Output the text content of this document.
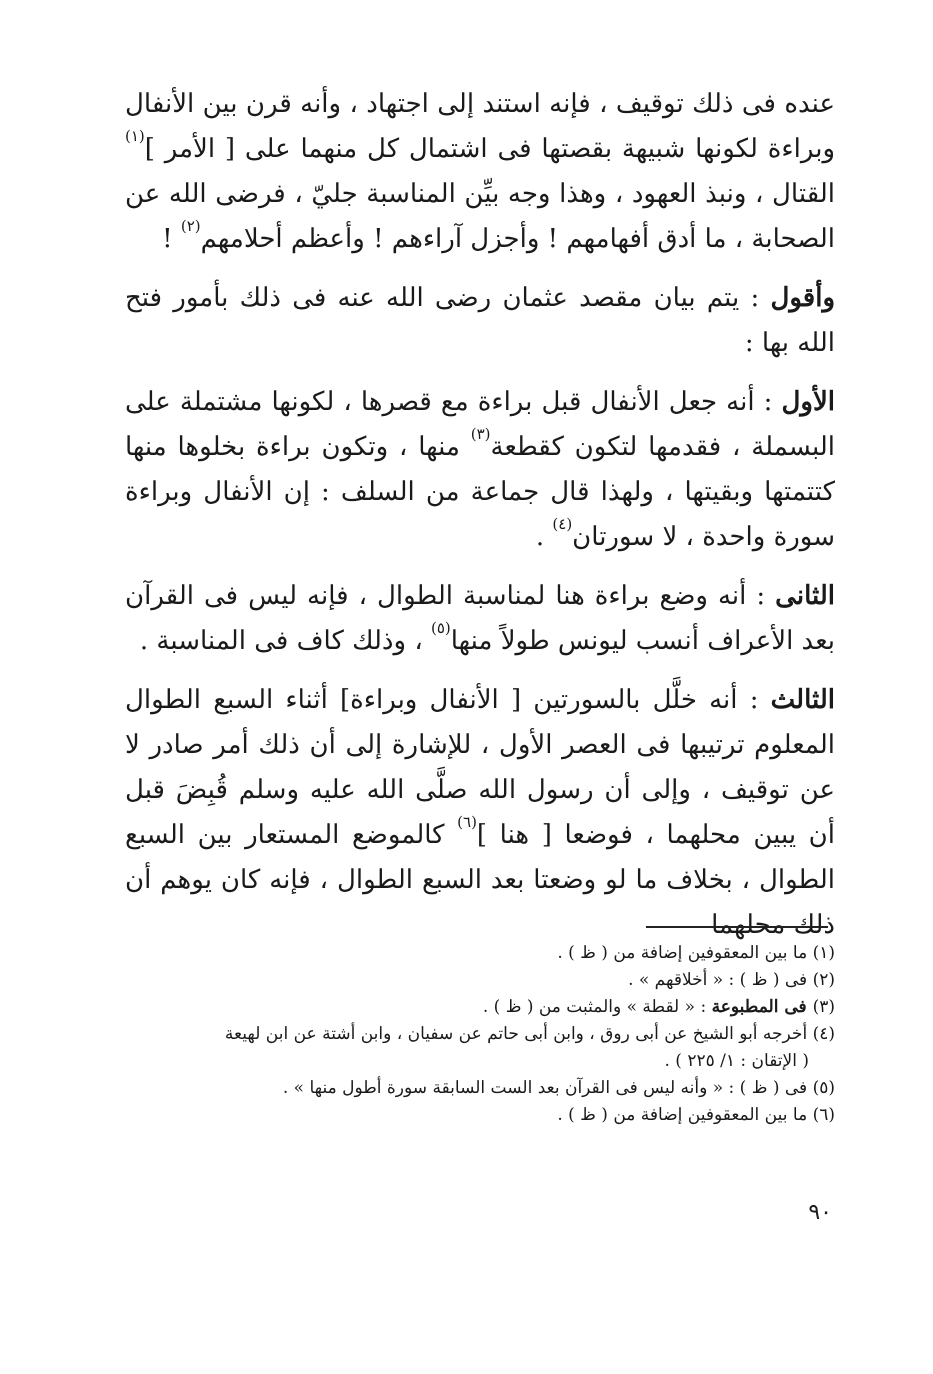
عنده فى ذلك توقيف ، فإنه استند إلى اجتهاد ، وأنه قرن بين الأنفال وبراءة لكونها شبيهة بقصتها فى اشتمال كل منهما على [ الأمر ]$^{(١)}$ القتال ، ونبذ العهود ، وهذا وجه بيِّن المناسبة جليّ ، فرضى الله عن الصحابة ، ما أدق أفهامهم ! وأجزل آراءهم ! وأعظم أحلامهم$^{(٢)}$ !

وأقول : يتم بيان مقصد عثمان رضى الله عنه فى ذلك بأمور فتح الله بها :

الأول : أنه جعل الأنفال قبل براءة مع قصرها ، لكونها مشتملة على البسملة ، فقدمها لتكون كقطعة$^{(٣)}$ منها ، وتكون براءة بخلوها منها كتتمتها وبقيتها ، ولهذا قال جماعة من السلف : إن الأنفال وبراءة سورة واحدة ، لا سورتان$^{(٤)}$ .

الثانى : أنه وضع براءة هنا لمناسبة الطوال ، فإنه ليس فى القرآن بعد الأعراف أنسب ليونس طولاً منها$^{(٥)}$ ، وذلك كاف فى المناسبة .

الثالث : أنه خلَّل بالسورتين [ الأنفال وبراءة] أثناء السبع الطوال المعلوم ترتيبها فى العصر الأول ، للإشارة إلى أن ذلك أمر صادر لا عن توقيف ، وإلى أن رسول الله صلَّى الله عليه وسلم قُبِضَ قبل أن يبين محلهما ، فوضعا [ هنا ]$^{(٦)}$ كالموضع المستعار بين السبع الطوال ، بخلاف ما لو وضعتا بعد السبع الطوال ، فإنه كان يوهم أن ذلك محلهما

(١) ما بين المعقوفين إضافة من ( ظ ) .

(٢) فى ( ظ ) : « أخلاقهم » .

(٣) فى المطبوعة : « لقطة » والمثبت من ( ظ ) .

(٤) أخرجه أبو الشيخ عن أبى روق ، وابن أبى حاتم عن سفيان ، وابن أشتة عن ابن لهيعة
( الإتقان : ١/ ٢٢٥ ) .

(٥) فى ( ظ ) : « وأنه ليس فى القرآن بعد الست السابقة سورة أطول منها » .

(٦) ما بين المعقوفين إضافة من ( ظ ) .

٩٠
